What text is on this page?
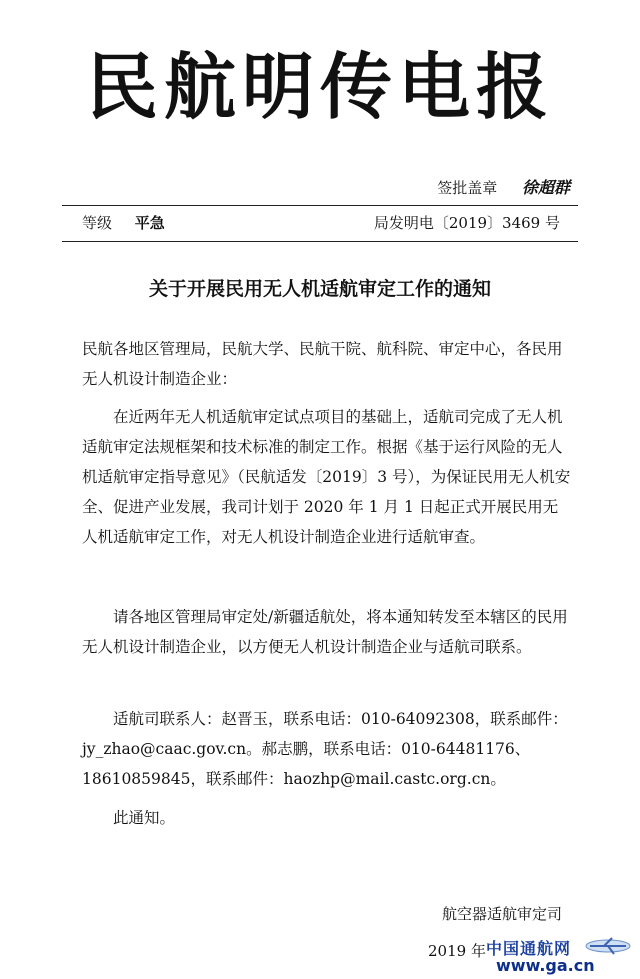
民航明传电报
签批盖章 徐超群
等级 平急	局发明电〔2019〕3469 号
关于开展民用无人机适航审定工作的通知
民航各地区管理局，民航大学、民航干院、航科院、审定中心，各民用无人机设计制造企业：
在近两年无人机适航审定试点项目的基础上，适航司完成了无人机适航审定法规框架和技术标准的制定工作。根据《基于运行风险的无人机适航审定指导意见》（民航适发〔2019〕3 号），为保证民用无人机安全、促进产业发展，我司计划于 2020 年 1 月 1 日起正式开展民用无人机适航审定工作，对无人机设计制造企业进行适航审查。
请各地区管理局审定处/新疆适航处，将本通知转发至本辖区的民用无人机设计制造企业，以方便无人机设计制造企业与适航司联系。
适航司联系人：赵晋玉，联系电话：010-64092308，联系邮件：jy_zhao@caac.gov.cn。郝志鹏，联系电话：010-64481176、18610859845，联系邮件：haozhp@mail.castc.org.cn。
此通知。
航空器适航审定司
2019 年 中国通航网
www.ga.cn
